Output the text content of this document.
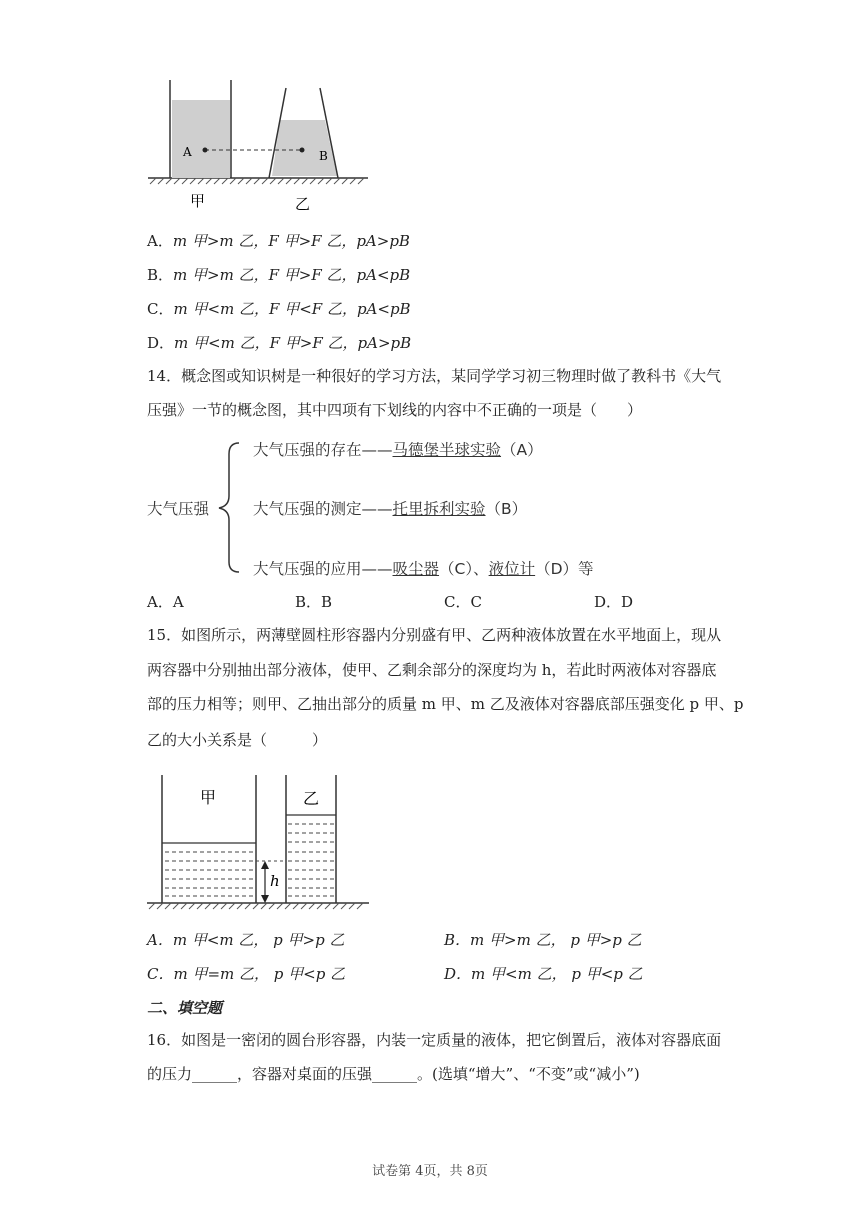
A	B
甲	乙
A．m 甲>m 乙，F 甲>F 乙，pA>pB
B．m 甲>m 乙，F 甲>F 乙，pA<pB
C．m 甲<m 乙，F 甲<F 乙，pA<pB
D．m 甲<m 乙，F 甲>F 乙，pA>pB
14．概念图或知识树是一种很好的学习方法，某同学学习初三物理时做了教科书《大气
压强》一节的概念图，其中四项有下划线的内容中不正确的一项是（　　）
大气压强
大气压强的存在——马德堡半球实验（A）
大气压强的测定——托里拆利实验（B）
大气压强的应用——吸尘器（C）、液位计（D）等
A．A	B．B	C．C	D．D
15．如图所示，两薄壁圆柱形容器内分别盛有甲、乙两种液体放置在水平地面上，现从
两容器中分别抽出部分液体，使甲、乙剩余部分的深度均为 h，若此时两液体对容器底
部的压力相等；则甲、乙抽出部分的质量 m 甲、m 乙及液体对容器底部压强变化 p 甲、p
乙的大小关系是（　　　）
h
甲	乙
A．m 甲<m 乙， p 甲>p 乙	B．m 甲>m 乙， p 甲>p 乙
C．m 甲=m 乙， p 甲<p 乙	D．m 甲<m 乙， p 甲<p 乙
二、填空题
16．如图是一密闭的圆台形容器，内装一定质量的液体，把它倒置后，液体对容器底面
的压力______，容器对桌面的压强______。(选填“增大”、“不变”或“减小”)
试卷第 4页，共 8页
